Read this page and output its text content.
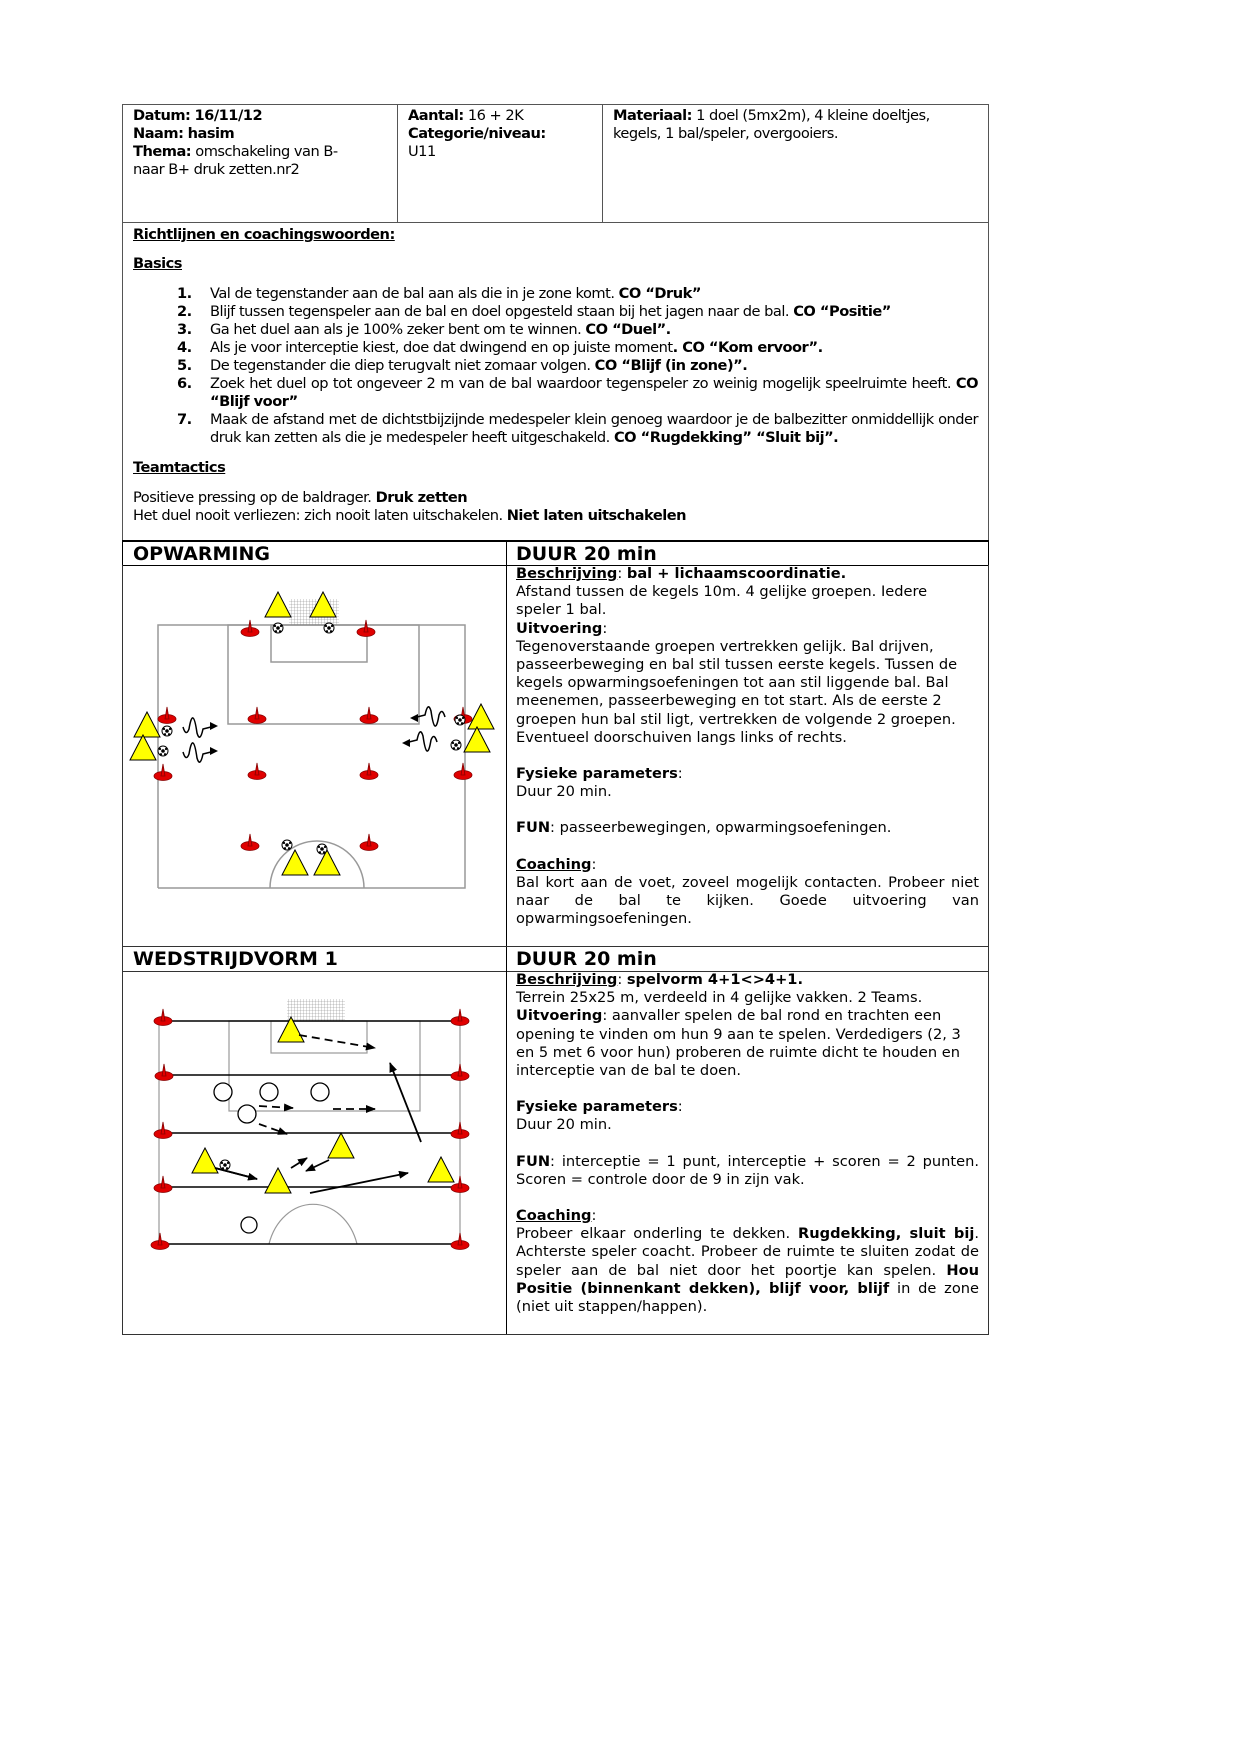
Datum: 16/11/12
Naam: hasim
Thema: omschakeling van B- naar B+ druk zetten.nr2
Aantal: 16 + 2K
Categorie/niveau:
U11
Materiaal: 1 doel (5mx2m), 4 kleine doeltjes, kegels, 1 bal/speler, overgooiers.
Richtlijnen en coachingswoorden:
Basics
1. Val de tegenstander aan de bal aan als die in je zone komt. CO “Druk”
2. Blijf tussen tegenspeler aan de bal en doel opgesteld staan bij het jagen naar de bal. CO “Positie”
3. Ga het duel aan als je 100% zeker bent om te winnen. CO “Duel”.
4. Als je voor interceptie kiest, doe dat dwingend en op juiste moment. CO “Kom ervoor”.
5. De tegenstander die diep terugvalt niet zomaar volgen. CO “Blijf (in zone)”.
6. Zoek het duel op tot ongeveer 2 m van de bal waardoor tegenspeler zo weinig mogelijk speelruimte heeft. CO “Blijf voor”
7. Maak de afstand met de dichtstbijzijnde medespeler klein genoeg waardoor je de balbezitter onmiddellijk onder druk kan zetten als die je medespeler heeft uitgeschakeld. CO “Rugdekking” “Sluit bij”.
Teamtactics
Positieve pressing op de baldrager. Druk zetten
Het duel nooit verliezen: zich nooit laten uitschakelen. Niet laten uitschakelen
OPWARMING	DUUR 20 min

Beschrijving: bal + lichaamscoordinatie.

Afstand tussen de kegels 10m. 4 gelijke groepen. Iedere speler 1 bal.

Uitvoering:

Tegenoverstaande groepen vertrekken gelijk. Bal drijven, passeerbeweging en bal stil tussen eerste kegels. Tussen de kegels opwarmingsoefeningen tot aan stil liggende bal. Bal meenemen, passeerbeweging en tot start. Als de eerste 2 groepen hun bal stil ligt, vertrekken de volgende 2 groepen. Eventueel doorschuiven langs links of rechts.

Fysieke parameters:

Duur 20 min.

FUN: passeerbewegingen, opwarmingsoefeningen.

Coaching:

Bal kort aan de voet, zoveel mogelijk contacten. Probeer niet naar de bal te kijken. Goede uitvoering van opwarmingsoefeningen.

WEDSTRIJDVORM 1	DUUR 20 min

Beschrijving: spelvorm 4+1<>4+1.

Terrein 25x25 m, verdeeld in 4 gelijke vakken. 2 Teams.

Uitvoering: aanvaller spelen de bal rond en trachten een opening te vinden om hun 9 aan te spelen. Verdedigers (2, 3 en 5 met 6 voor hun) proberen de ruimte dicht te houden en interceptie van de bal te doen.

Fysieke parameters:

Duur 20 min.

FUN: interceptie = 1 punt, interceptie + scoren = 2 punten. Scoren = controle door de 9 in zijn vak.

Coaching:

Probeer elkaar onderling te dekken. Rugdekking, sluit bij. Achterste speler coacht. Probeer de ruimte te sluiten zodat de speler aan de bal niet door het poortje kan spelen. Hou Positie (binnenkant dekken), blijf voor, blijf in de zone (niet uit stappen/happen).
